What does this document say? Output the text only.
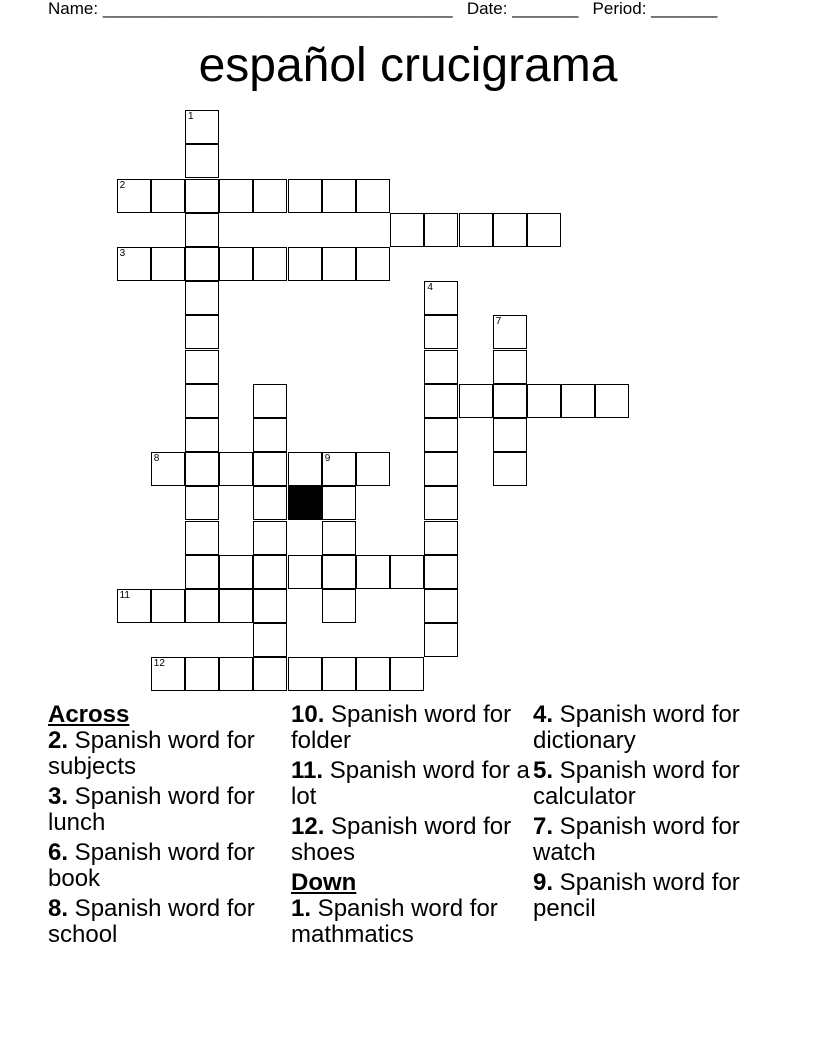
Name: _____________________________________ Date: _______ Period: _______
español crucigrama
1
2
3
8	9
4
7
11
12
Across
2. Spanish word for subjects
3. Spanish word for lunch
6. Spanish word for book
8. Spanish word for school
10. Spanish word for folder
11. Spanish word for a lot
12. Spanish word for shoes
Down
1. Spanish word for mathmatics
4. Spanish word for dictionary
5. Spanish word for calculator
7. Spanish word for watch
9. Spanish word for pencil
